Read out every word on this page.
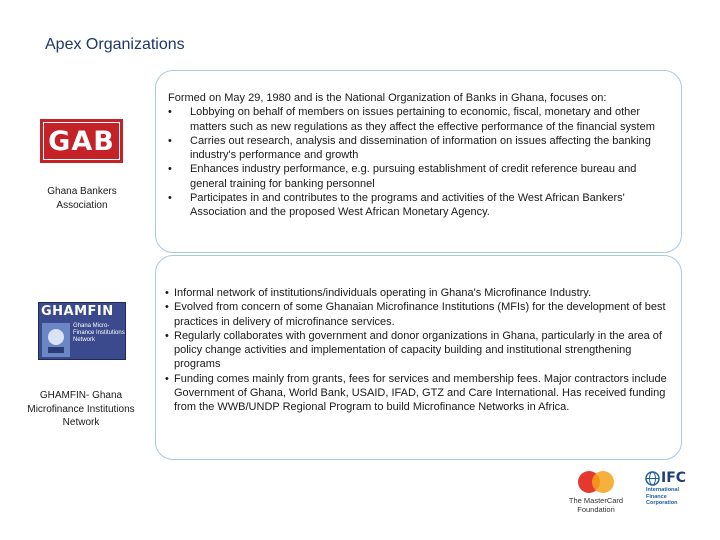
Apex Organizations
GAB
Ghana Bankers Association

Formed on May 29, 1980 and is the National Organization of Banks in Ghana, focuses on:

• Lobbying on behalf of members on issues pertaining to economic, fiscal, monetary and other matters such as new regulations as they affect the effective performance of the financial system
• Carries out research, analysis and dissemination of information on issues affecting the banking industry's performance and growth
• Enhances industry performance, e.g. pursuing establishment of credit reference bureau and general training for banking personnel
• Participates in and contributes to the programs and activities of the West African Bankers' Association and the proposed West African Monetary Agency.
GHAMFIN
Ghana Micro-Finance Institutions Network
GHAMFIN- Ghana Microfinance Institutions Network
• Informal network of institutions/individuals operating in Ghana's Microfinance Industry.
• Evolved from concern of some Ghanaian Microfinance Institutions (MFIs) for the development of best practices in delivery of microfinance services.
• Regularly collaborates with government and donor organizations in Ghana, particularly in the area of policy change activities and implementation of capacity building and institutional strengthening programs
• Funding comes mainly from grants, fees for services and membership fees. Major contractors include Government of Ghana, World Bank, USAID, IFAD, GTZ and Care International. Has received funding from the WWB/UNDP Regional Program to build Microfinance Networks in Africa.
The MasterCard Foundation
IFC
International Finance Corporation
